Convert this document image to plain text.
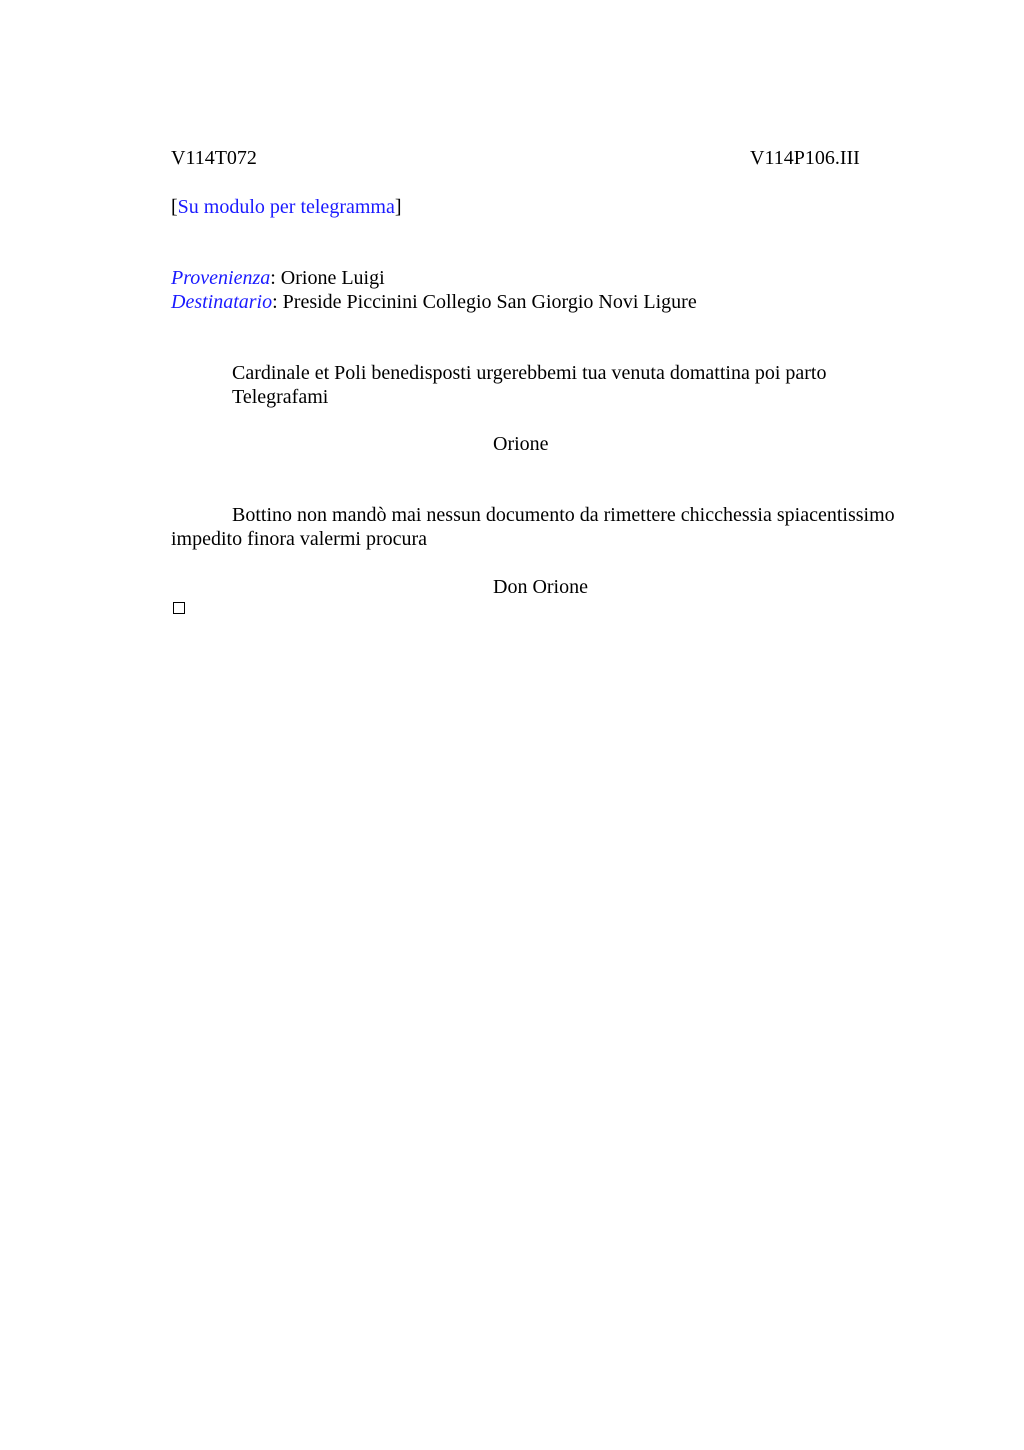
V114T072	V114P106.III
[Su modulo per telegramma]
Provenienza: Orione Luigi
Destinatario: Preside Piccinini Collegio San Giorgio Novi Ligure
Cardinale et Poli benedisposti urgerebbemi tua venuta domattina poi parto Telegrafami
Orione
Bottino non mandò mai nessun documento da rimettere chicchessia spiacentissimo
impedito finora valermi procura
Don Orione
